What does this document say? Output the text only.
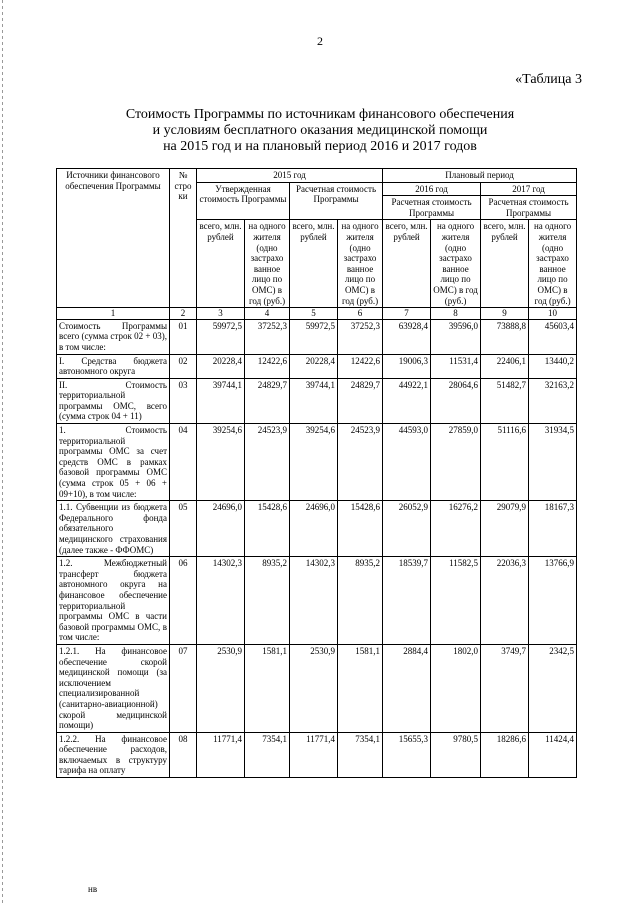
2
«Таблица 3
Стоимость Программы по источникам финансового обеспечения
и условиям бесплатного оказания медицинской помощи
на 2015 год и на плановый период 2016 и 2017 годов
Источники финансового обеспечения Программы	№ стро ки	2015 год				Плановый период			
		Утвержденная стоимость Программы		Расчетная стоимость Программы		2016 год		2017 год	
						Расчетная стоимость Программы		Расчетная стоимость Программы	
		всего, млн. рублей	на одного жителя (одно застрахо ванное лицо по ОМС) в год (руб.)	всего, млн. рублей	на одного жителя (одно застрахо ванное лицо по ОМС) в год (руб.)	всего, млн. рублей	на одного жителя (одно застрахо ванное лицо по ОМС) в год (руб.)	всего, млн. рублей	на одного жителя (одно застрахо ванное лицо по ОМС) в год (руб.)
1	2	3	4	5	6	7	8	9	10
Стоимость Программы всего (сумма строк 02 + 03), в том числе:	01	59972,5	37252,3	59972,5	37252,3	63928,4	39596,0	73888,8	45603,4
I. Средства бюджета автономного округа	02	20228,4	12422,6	20228,4	12422,6	19006,3	11531,4	22406,1	13440,2
II. Стоимость территориальной программы ОМС, всего (сумма строк 04 + 11)	03	39744,1	24829,7	39744,1	24829,7	44922,1	28064,6	51482,7	32163,2
1. Стоимость территориальной программы ОМС за счет средств ОМС в рамках базовой программы ОМС (сумма строк 05 + 06 + 09+10), в том числе:	04	39254,6	24523,9	39254,6	24523,9	44593,0	27859,0	51116,6	31934,5
1.1. Субвенции из бюджета Федерального фонда обязательного медицинского страхования (далее также - ФФОМС)	05	24696,0	15428,6	24696,0	15428,6	26052,9	16276,2	29079,9	18167,3
1.2. Межбюджетный трансферт бюджета автономного округа на финансовое обеспечение территориальной программы ОМС в части базовой программы ОМС, в том числе:	06	14302,3	8935,2	14302,3	8935,2	18539,7	11582,5	22036,3	13766,9
1.2.1. На финансовое обеспечение скорой медицинской помощи (за исключением специализированной (санитарно-авиационной) скорой медицинской помощи)	07	2530,9	1581,1	2530,9	1581,1	2884,4	1802,0	3749,7	2342,5
1.2.2. На финансовое обеспечение расходов, включаемых в структуру тарифа на оплату	08	11771,4	7354,1	11771,4	7354,1	15655,3	9780,5	18286,6	11424,4
нв
